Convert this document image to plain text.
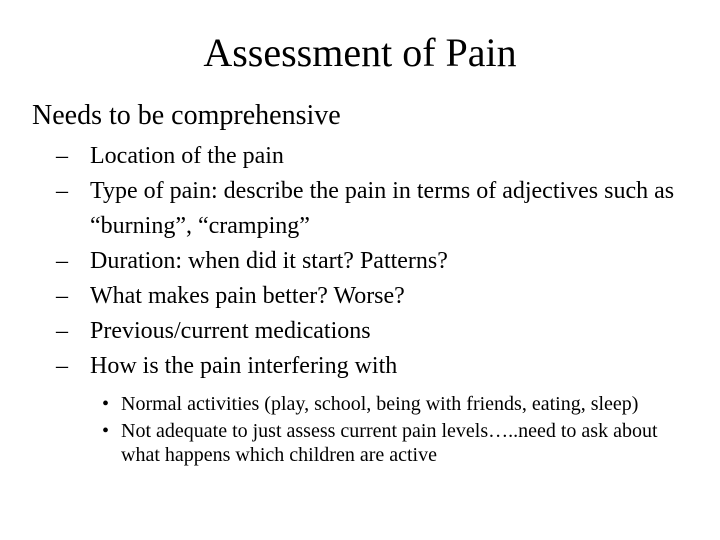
Assessment of Pain
Needs to be comprehensive
– Location of the pain
– Type of pain: describe the pain in terms of adjectives such as “burning”, “cramping”
– Duration: when did it start? Patterns?
– What makes pain better? Worse?
– Previous/current medications
– How is the pain interfering with
• Normal activities (play, school, being with friends, eating, sleep)
• Not adequate to just assess current pain levels…..need to ask about what happens which children are active
